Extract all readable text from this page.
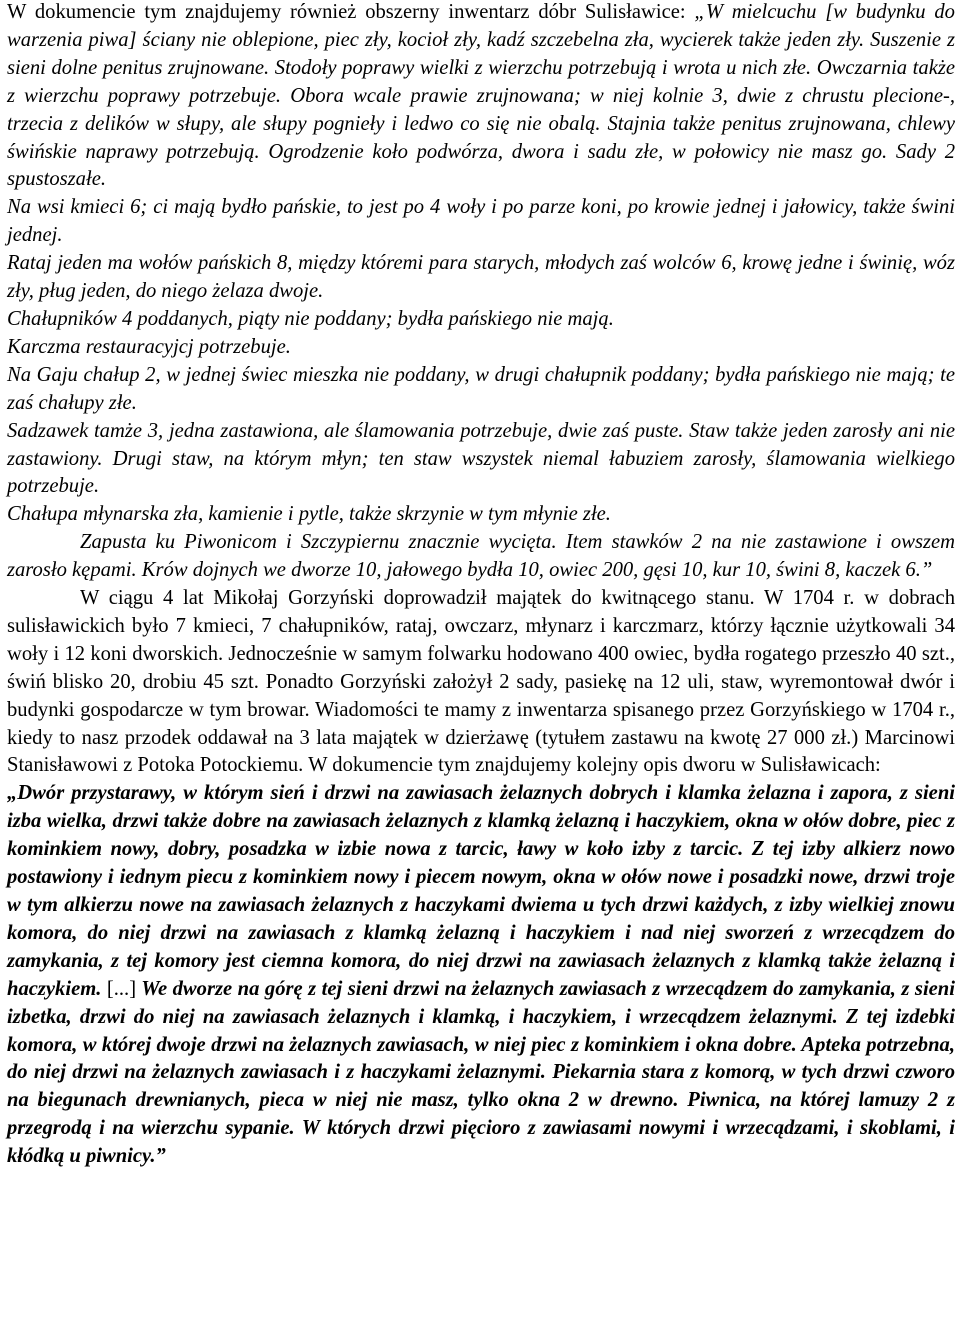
W dokumencie tym znajdujemy również obszerny inwentarz dóbr Sulisławice: „W mielcuchu [w budynku do warzenia piwa] ściany nie oblepione, piec zły, kocioł zły, kadź szczebelna zła, wycierek także jeden zły. Suszenie z sieni dolne penitus zrujnowane. Stodoły poprawy wielki z wierzchu potrzebują i wrota u nich złe. Owczarnia także z wierzchu poprawy potrzebuje. Obora wcale prawie zrujnowana; w niej kolnie 3, dwie z chrustu plecione-, trzecia z delików w słupy, ale słupy pognieły i ledwo co się nie obalą. Stajnia także penitus zrujnowana, chlewy świńskie naprawy potrzebują. Ogrodzenie koło podwórza, dwora i sadu złe, w połowicy nie masz go. Sady 2 spustoszałe.

Na wsi kmieci 6; ci mają bydło pańskie, to jest po 4 woły i po parze koni, po krowie jednej i jałowicy, także świni jednej.

Rataj jeden ma wołów pańskich 8, między któremi para starych, młodych zaś wolców 6, krowę jedne i świnię, wóz zły, pług jeden, do niego żelaza dwoje.

Chałupników 4 poddanych, piąty nie poddany; bydła pańskiego nie mają.

Karczma restauracyjcj potrzebuje.

Na Gaju chałup 2, w jednej świec mieszka nie poddany, w drugi chałupnik poddany; bydła pańskiego nie mają; te zaś chałupy złe.

Sadzawek tamże 3, jedna zastawiona, ale ślamowania potrzebuje, dwie zaś puste. Staw także jeden zarosły ani nie zastawiony. Drugi staw, na którym młyn; ten staw wszystek niemal łabuziem zarosły, ślamowania wielkiego potrzebuje.

Chałupa młynarska zła, kamienie i pytle, także skrzynie w tym młynie złe.

Zapusta ku Piwonicom i Szczypiernu znacznie wycięta. Item stawków 2 na nie zastawione i owszem zarosło kępami. Krów dojnych we dworze 10, jałowego bydła 10, owiec 200, gęsi 10, kur 10, świni 8, kaczek 6.”

W ciągu 4 lat Mikołaj Gorzyński doprowadził majątek do kwitnącego stanu. W 1704 r. w dobrach sulisławickich było 7 kmieci, 7 chałupników, rataj, owczarz, młynarz i karczmarz, którzy łącznie użytkowali 34 woły i 12 koni dworskich. Jednocześnie w samym folwarku hodowano 400 owiec, bydła rogatego przeszło 40 szt., świń blisko 20, drobiu 45 szt. Ponadto Gorzyński założył 2 sady, pasiekę na 12 uli, staw, wyremontował dwór i budynki gospodarcze w tym browar. Wiadomości te mamy z inwentarza spisanego przez Gorzyńskiego w 1704 r., kiedy to nasz przodek oddawał na 3 lata majątek w dzierżawę (tytułem zastawu na kwotę 27 000 zł.) Marcinowi Stanisławowi z Potoka Potockiemu. W dokumencie tym znajdujemy kolejny opis dworu w Sulisławicach:

„Dwór przystarawy, w którym sień i drzwi na zawiasach żelaznych dobrych i klamka żelazna i zapora, z sieni izba wielka, drzwi także dobre na zawiasach żelaznych z klamką żelazną i haczykiem, okna w ołów dobre, piec z kominkiem nowy, dobry, posadzka w izbie nowa z tarcic, ławy w koło izby z tarcic. Z tej izby alkierz nowo postawiony i iednym piecu z kominkiem nowy i piecem nowym, okna w ołów nowe i posadzki nowe, drzwi troje w tym alkierzu nowe na zawiasach żelaznych z haczykami dwiema u tych drzwi każdych, z izby wielkiej znowu komora, do niej drzwi na zawiasach z klamką żelazną i haczykiem i nad niej sworzeń z wrzecądzem do zamykania, z tej komory jest ciemna komora, do niej drzwi na zawiasach żelaznych z klamką także żelazną i haczykiem. [...] We dworze na górę z tej sieni drzwi na żelaznych zawiasach z wrzecądzem do zamykania, z sieni izbetka, drzwi do niej na zawiasach żelaznych i klamką, i haczykiem, i wrzecądzem żelaznymi. Z tej izdebki komora, w której dwoje drzwi na żelaznych zawiasach, w niej piec z kominkiem i okna dobre. Apteka potrzebna, do niej drzwi na żelaznych zawiasach i z haczykami żelaznymi. Piekarnia stara z komorą, w tych drzwi czworo na biegunach drewnianych, pieca w niej nie masz, tylko okna 2 w drewno. Piwnica, na której lamuzy 2 z przegrodą i na wierzchu sypanie. W których drzwi pięcioro z zawiasami nowymi i wrzecądzami, i skoblami, i kłódką u piwnicy.”
